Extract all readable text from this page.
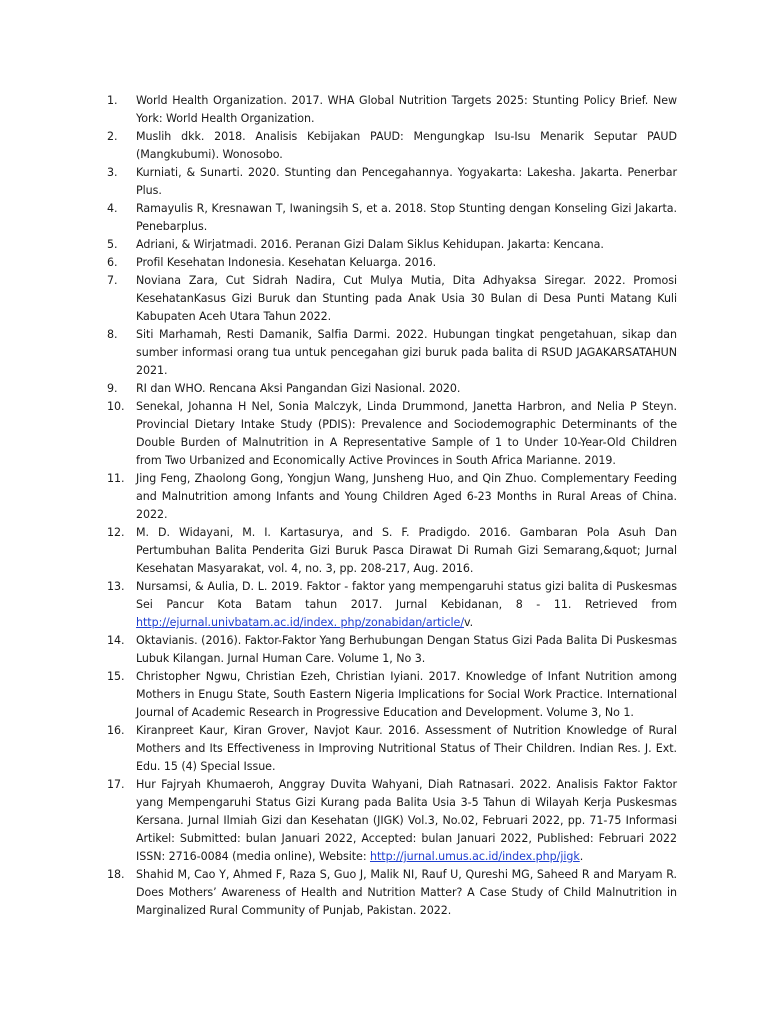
1.	World Health Organization. 2017. WHA Global Nutrition Targets 2025: Stunting Policy Brief. New York: World Health Organization.
2.	Muslih dkk. 2018. Analisis Kebijakan PAUD: Mengungkap Isu-Isu Menarik Seputar PAUD (Mangkubumi). Wonosobo.
3.	Kurniati, & Sunarti. 2020. Stunting dan Pencegahannya. Yogyakarta: Lakesha. Jakarta. Penerbar Plus.
4.	Ramayulis R, Kresnawan T, Iwaningsih S, et a. 2018. Stop Stunting dengan Konseling Gizi Jakarta. Penebarplus.
5.	Adriani, & Wirjatmadi. 2016. Peranan Gizi Dalam Siklus Kehidupan. Jakarta: Kencana.
6.	Profil Kesehatan Indonesia. Kesehatan Keluarga. 2016.
7.	Noviana Zara, Cut Sidrah Nadira, Cut Mulya Mutia, Dita Adhyaksa Siregar. 2022. Promosi KesehatanKasus Gizi Buruk dan Stunting pada Anak Usia 30 Bulan di Desa Punti Matang Kuli Kabupaten Aceh Utara Tahun 2022.
8.	Siti Marhamah, Resti Damanik, Salfia Darmi. 2022. Hubungan tingkat pengetahuan, sikap dan sumber informasi orang tua untuk pencegahan gizi buruk pada balita di RSUD JAGAKARSATAHUN 2021.
9.	RI dan WHO. Rencana Aksi Pangandan Gizi Nasional. 2020.
10.	Senekal, Johanna H Nel, Sonia Malczyk, Linda Drummond, Janetta Harbron, and Nelia P Steyn. Provincial Dietary Intake Study (PDIS): Prevalence and Sociodemographic Determinants of the Double Burden of Malnutrition in A Representative Sample of 1 to Under 10-Year-Old Children from Two Urbanized and Economically Active Provinces in South Africa Marianne. 2019.
11.	Jing Feng, Zhaolong Gong, Yongjun Wang, Junsheng Huo, and Qin Zhuo. Complementary Feeding and Malnutrition among Infants and Young Children Aged 6-23 Months in Rural Areas of China. 2022.
12.	M. D. Widayani, M. I. Kartasurya, and S. F. Pradigdo. 2016. Gambaran Pola Asuh Dan Pertumbuhan Balita Penderita Gizi Buruk Pasca Dirawat Di Rumah Gizi Semarang,&quot; Jurnal Kesehatan Masyarakat, vol. 4, no. 3, pp. 208-217, Aug. 2016.
13.	Nursamsi, & Aulia, D. L. 2019. Faktor - faktor yang mempengaruhi status gizi balita di Puskesmas Sei Pancur Kota Batam tahun 2017. Jurnal Kebidanan, 8 - 11. Retrieved from http://ejurnal.univbatam.ac.id/index. php/zonabidan/article/v.
14.	Oktavianis. (2016). Faktor-Faktor Yang Berhubungan Dengan Status Gizi Pada Balita Di Puskesmas Lubuk Kilangan. Jurnal Human Care. Volume 1, No 3.
15.	Christopher Ngwu, Christian Ezeh, Christian Iyiani. 2017. Knowledge of Infant Nutrition among Mothers in Enugu State, South Eastern Nigeria Implications for Social Work Practice. International Journal of Academic Research in Progressive Education and Development. Volume 3, No 1.
16.	Kiranpreet Kaur, Kiran Grover, Navjot Kaur. 2016. Assessment of Nutrition Knowledge of Rural Mothers and Its Effectiveness in Improving Nutritional Status of Their Children. Indian Res. J. Ext. Edu. 15 (4) Special Issue.
17.	Hur Fajryah Khumaeroh, Anggray Duvita Wahyani, Diah Ratnasari. 2022. Analisis Faktor Faktor yang Mempengaruhi Status Gizi Kurang pada Balita Usia 3-5 Tahun di Wilayah Kerja Puskesmas Kersana. Jurnal Ilmiah Gizi dan Kesehatan (JIGK) Vol.3, No.02, Februari 2022, pp. 71-75 Informasi Artikel: Submitted: bulan Januari 2022, Accepted: bulan Januari 2022, Published: Februari 2022 ISSN: 2716-0084 (media online), Website: http://jurnal.umus.ac.id/index.php/jigk.
18.	Shahid M, Cao Y, Ahmed F, Raza S, Guo J, Malik NI, Rauf U, Qureshi MG, Saheed R and Maryam R. Does Mothers’ Awareness of Health and Nutrition Matter? A Case Study of Child Malnutrition in Marginalized Rural Community of Punjab, Pakistan. 2022.
